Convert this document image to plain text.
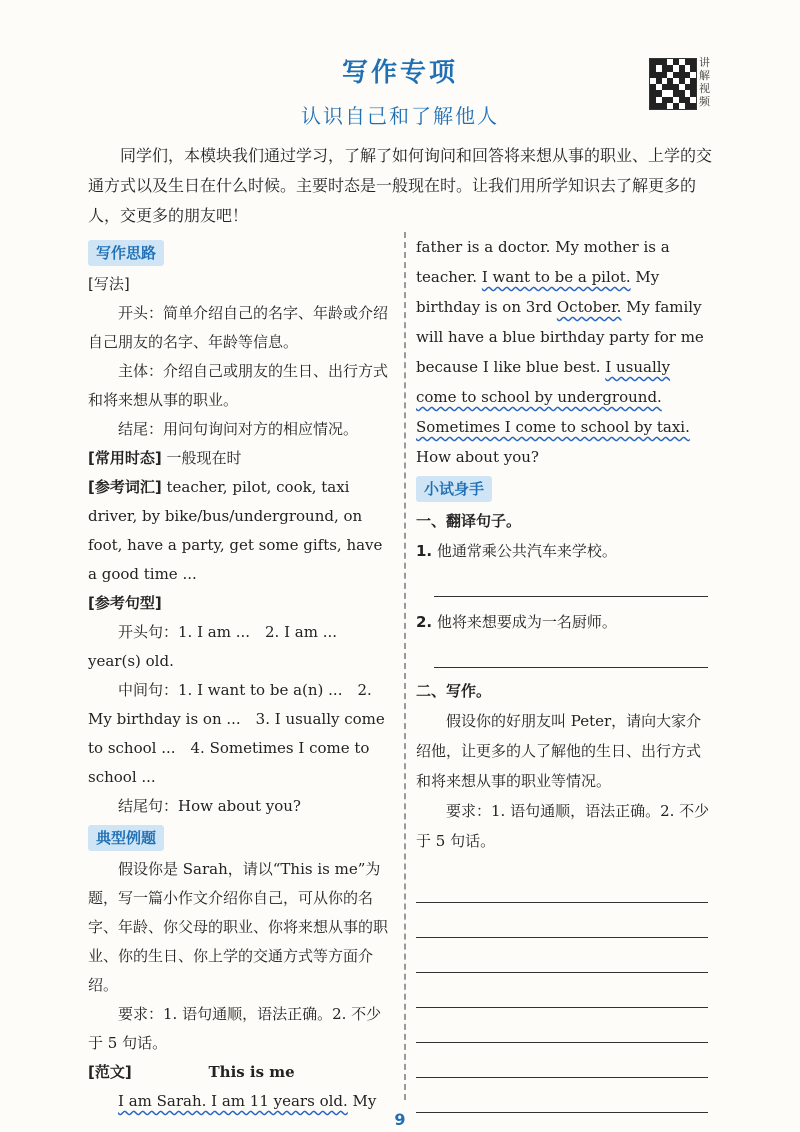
写作专项
认识自己和了解他人
讲解视频

同学们，本模块我们通过学习，了解了如何询问和回答将来想从事的职业、上学的交通方式以及生日在什么时候。主要时态是一般现在时。让我们用所学知识去了解更多的人，交更多的朋友吧！

写作思路

[写法]

开头：简单介绍自己的名字、年龄或介绍自己朋友的名字、年龄等信息。

主体：介绍自己或朋友的生日、出行方式和将来想从事的职业。

结尾：用问句询问对方的相应情况。

[常用时态] 一般现在时

[参考词汇] teacher, pilot, cook, taxi driver, by bike/bus/underground, on foot, have a party, get some gifts, have a good time ...

[参考句型]

开头句：1. I am ...　2. I am ... year(s) old.

中间句：1. I want to be a(n) ...　2. My birthday is on ...　3. I usually come to school ...　4. Sometimes I come to school ...

结尾句：How about you?

典型例题

假设你是 Sarah，请以“This is me”为题，写一篇小作文介绍你自己，可从你的名字、年龄、你父母的职业、你将来想从事的职业、你的生日、你上学的交通方式等方面介绍。

要求：1. 语句通顺，语法正确。2. 不少于 5 句话。

[范文]	This is me

I am Sarah. I am 11 years old. My

father is a doctor. My mother is a teacher. I want to be a pilot. My birthday is on 3rd October. My family will have a blue birthday party for me because I like blue best. I usually come to school by underground. Sometimes I come to school by taxi. How about you?

小试身手

一、翻译句子。

1. 他通常乘公共汽车来学校。

2. 他将来想要成为一名厨师。

二、写作。

假设你的好朋友叫 Peter，请向大家介绍他，让更多的人了解他的生日、出行方式和将来想从事的职业等情况。

要求：1. 语句通顺，语法正确。2. 不少于 5 句话。

9
